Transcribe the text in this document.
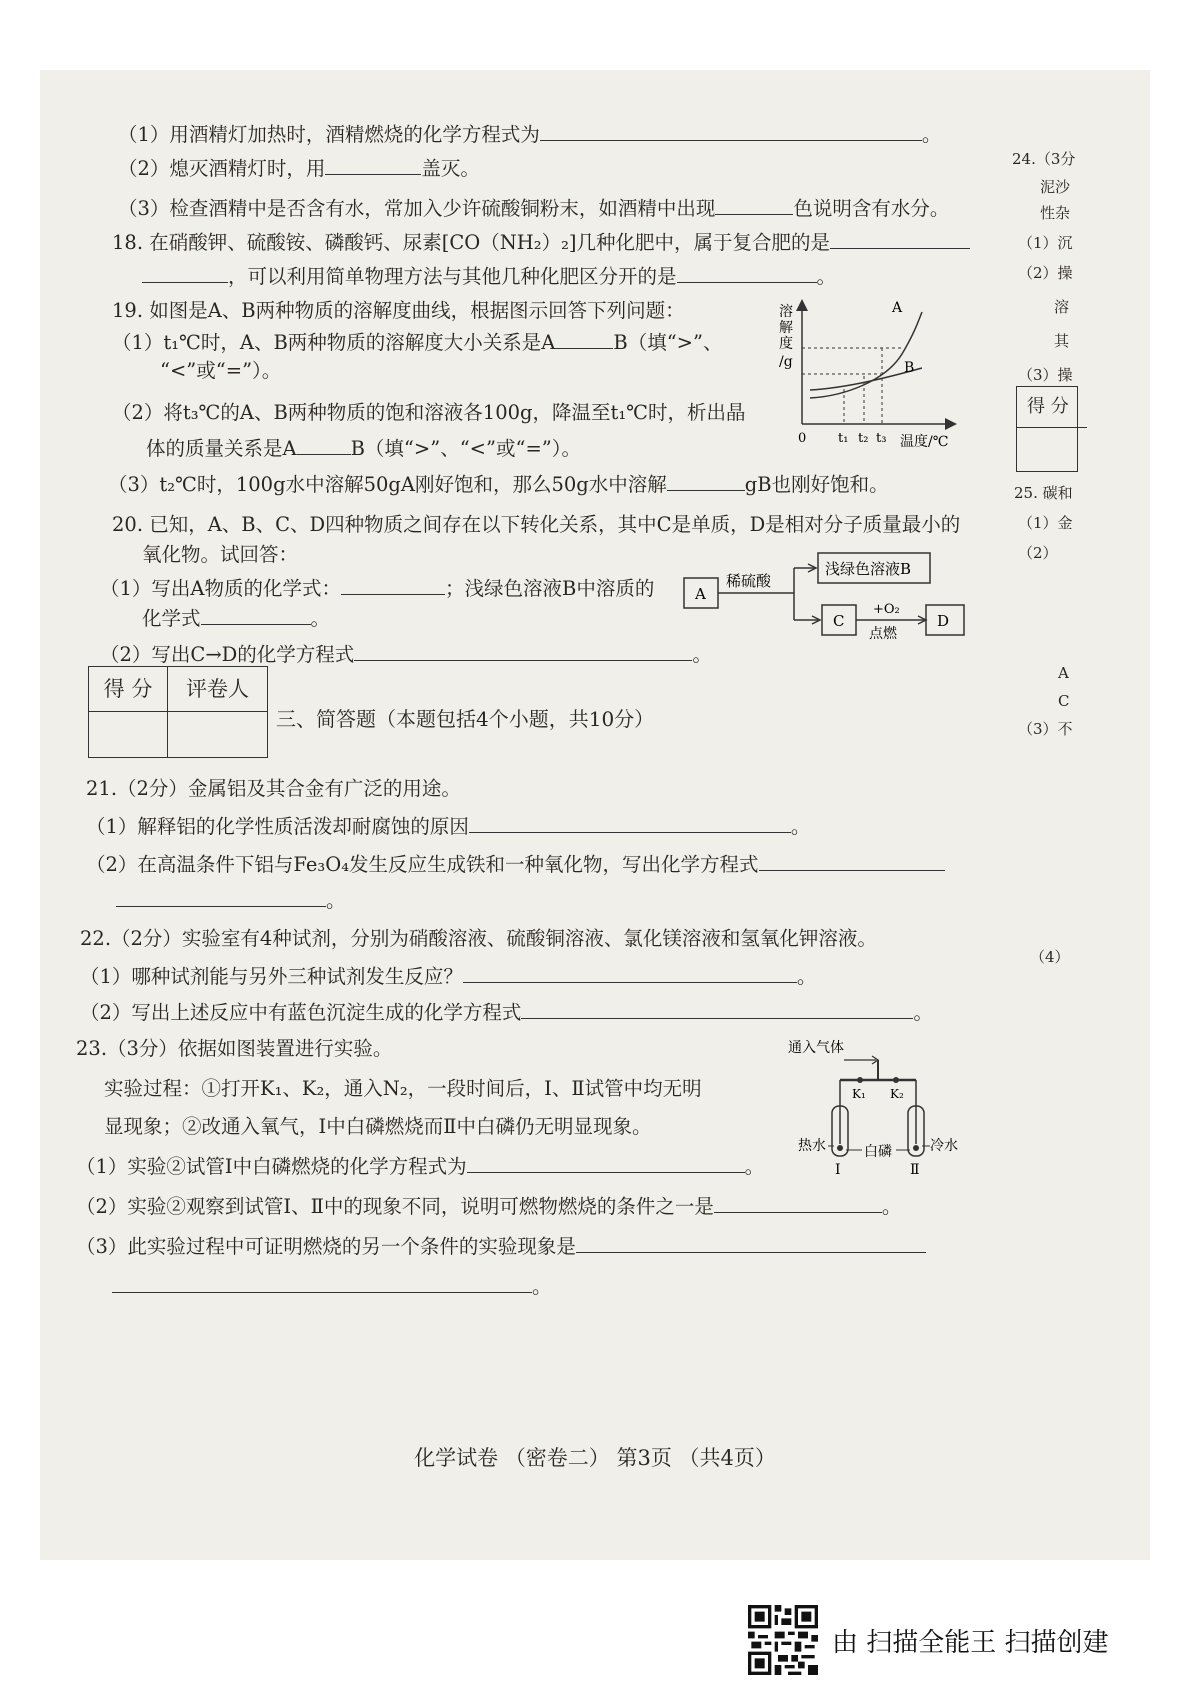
（1）用酒精灯加热时，酒精燃烧的化学方程式为	。
（2）熄灭酒精灯时，用	盖灭。
（3）检查酒精中是否含有水，常加入少许硫酸铜粉末，如酒精中出现	色说明含有水分。
18. 在硝酸钾、硫酸铵、磷酸钙、尿素[CO（NH₂）₂]几种化肥中，属于复合肥的是
，可以利用简单物理方法与其他几种化肥区分开的是	。
19. 如图是A、B两种物质的溶解度曲线，根据图示回答下列问题：
（1）t₁℃时，A、B两种物质的溶解度大小关系是A	B（填“>”、
“<”或“=”）。
（2）将t₃℃的A、B两种物质的饱和溶液各100g，降温至t₁℃时，析出晶
体的质量关系是A	B（填“>”、“<”或“=”）。
（3）t₂℃时，100g水中溶解50gA刚好饱和，那么50g水中溶解	gB也刚好饱和。
溶
解
度
/g
A
B
0 t₁ t₂ t₃ 温度/℃
20. 已知，A、B、C、D四种物质之间存在以下转化关系，其中C是单质，D是相对分子质量最小的
氧化物。试回答：
（1）写出A物质的化学式：	；浅绿色溶液B中溶质的
化学式	。
（2）写出C→D的化学方程式	。
A
稀硫酸
浅绿色溶液B
C
+O₂
点燃
D
得 分	评卷人
三、简答题（本题包括4个小题，共10分）
21.（2分）金属铝及其合金有广泛的用途。
（1）解释铝的化学性质活泼却耐腐蚀的原因	。
（2）在高温条件下铝与Fe₃O₄发生反应生成铁和一种氧化物，写出化学方程式
。
22.（2分）实验室有4种试剂，分别为硝酸溶液、硫酸铜溶液、氯化镁溶液和氢氧化钾溶液。
（1）哪种试剂能与另外三种试剂发生反应？	。
（2）写出上述反应中有蓝色沉淀生成的化学方程式	。
23.（3分）依据如图装置进行实验。
实验过程：①打开K₁、K₂，通入N₂，一段时间后，Ⅰ、Ⅱ试管中均无明
显现象；②改通入氧气，Ⅰ中白磷燃烧而Ⅱ中白磷仍无明显现象。
（1）实验②试管Ⅰ中白磷燃烧的化学方程式为	。
（2）实验②观察到试管Ⅰ、Ⅱ中的现象不同，说明可燃物燃烧的条件之一是	。
（3）此实验过程中可证明燃烧的另一个条件的实验现象是
。
通入气体
K₁ K₂
热水	白磷	冷水
Ⅰ	Ⅱ
化学试卷 （密卷二） 第3页 （共4页）
24.（3分
泥沙
性杂
（1）沉
（2）操
溶
其
（3）操
得 分
25. 碳和
（1）金
（2）
A
C
（3）不
（4）
由 扫描全能王 扫描创建
